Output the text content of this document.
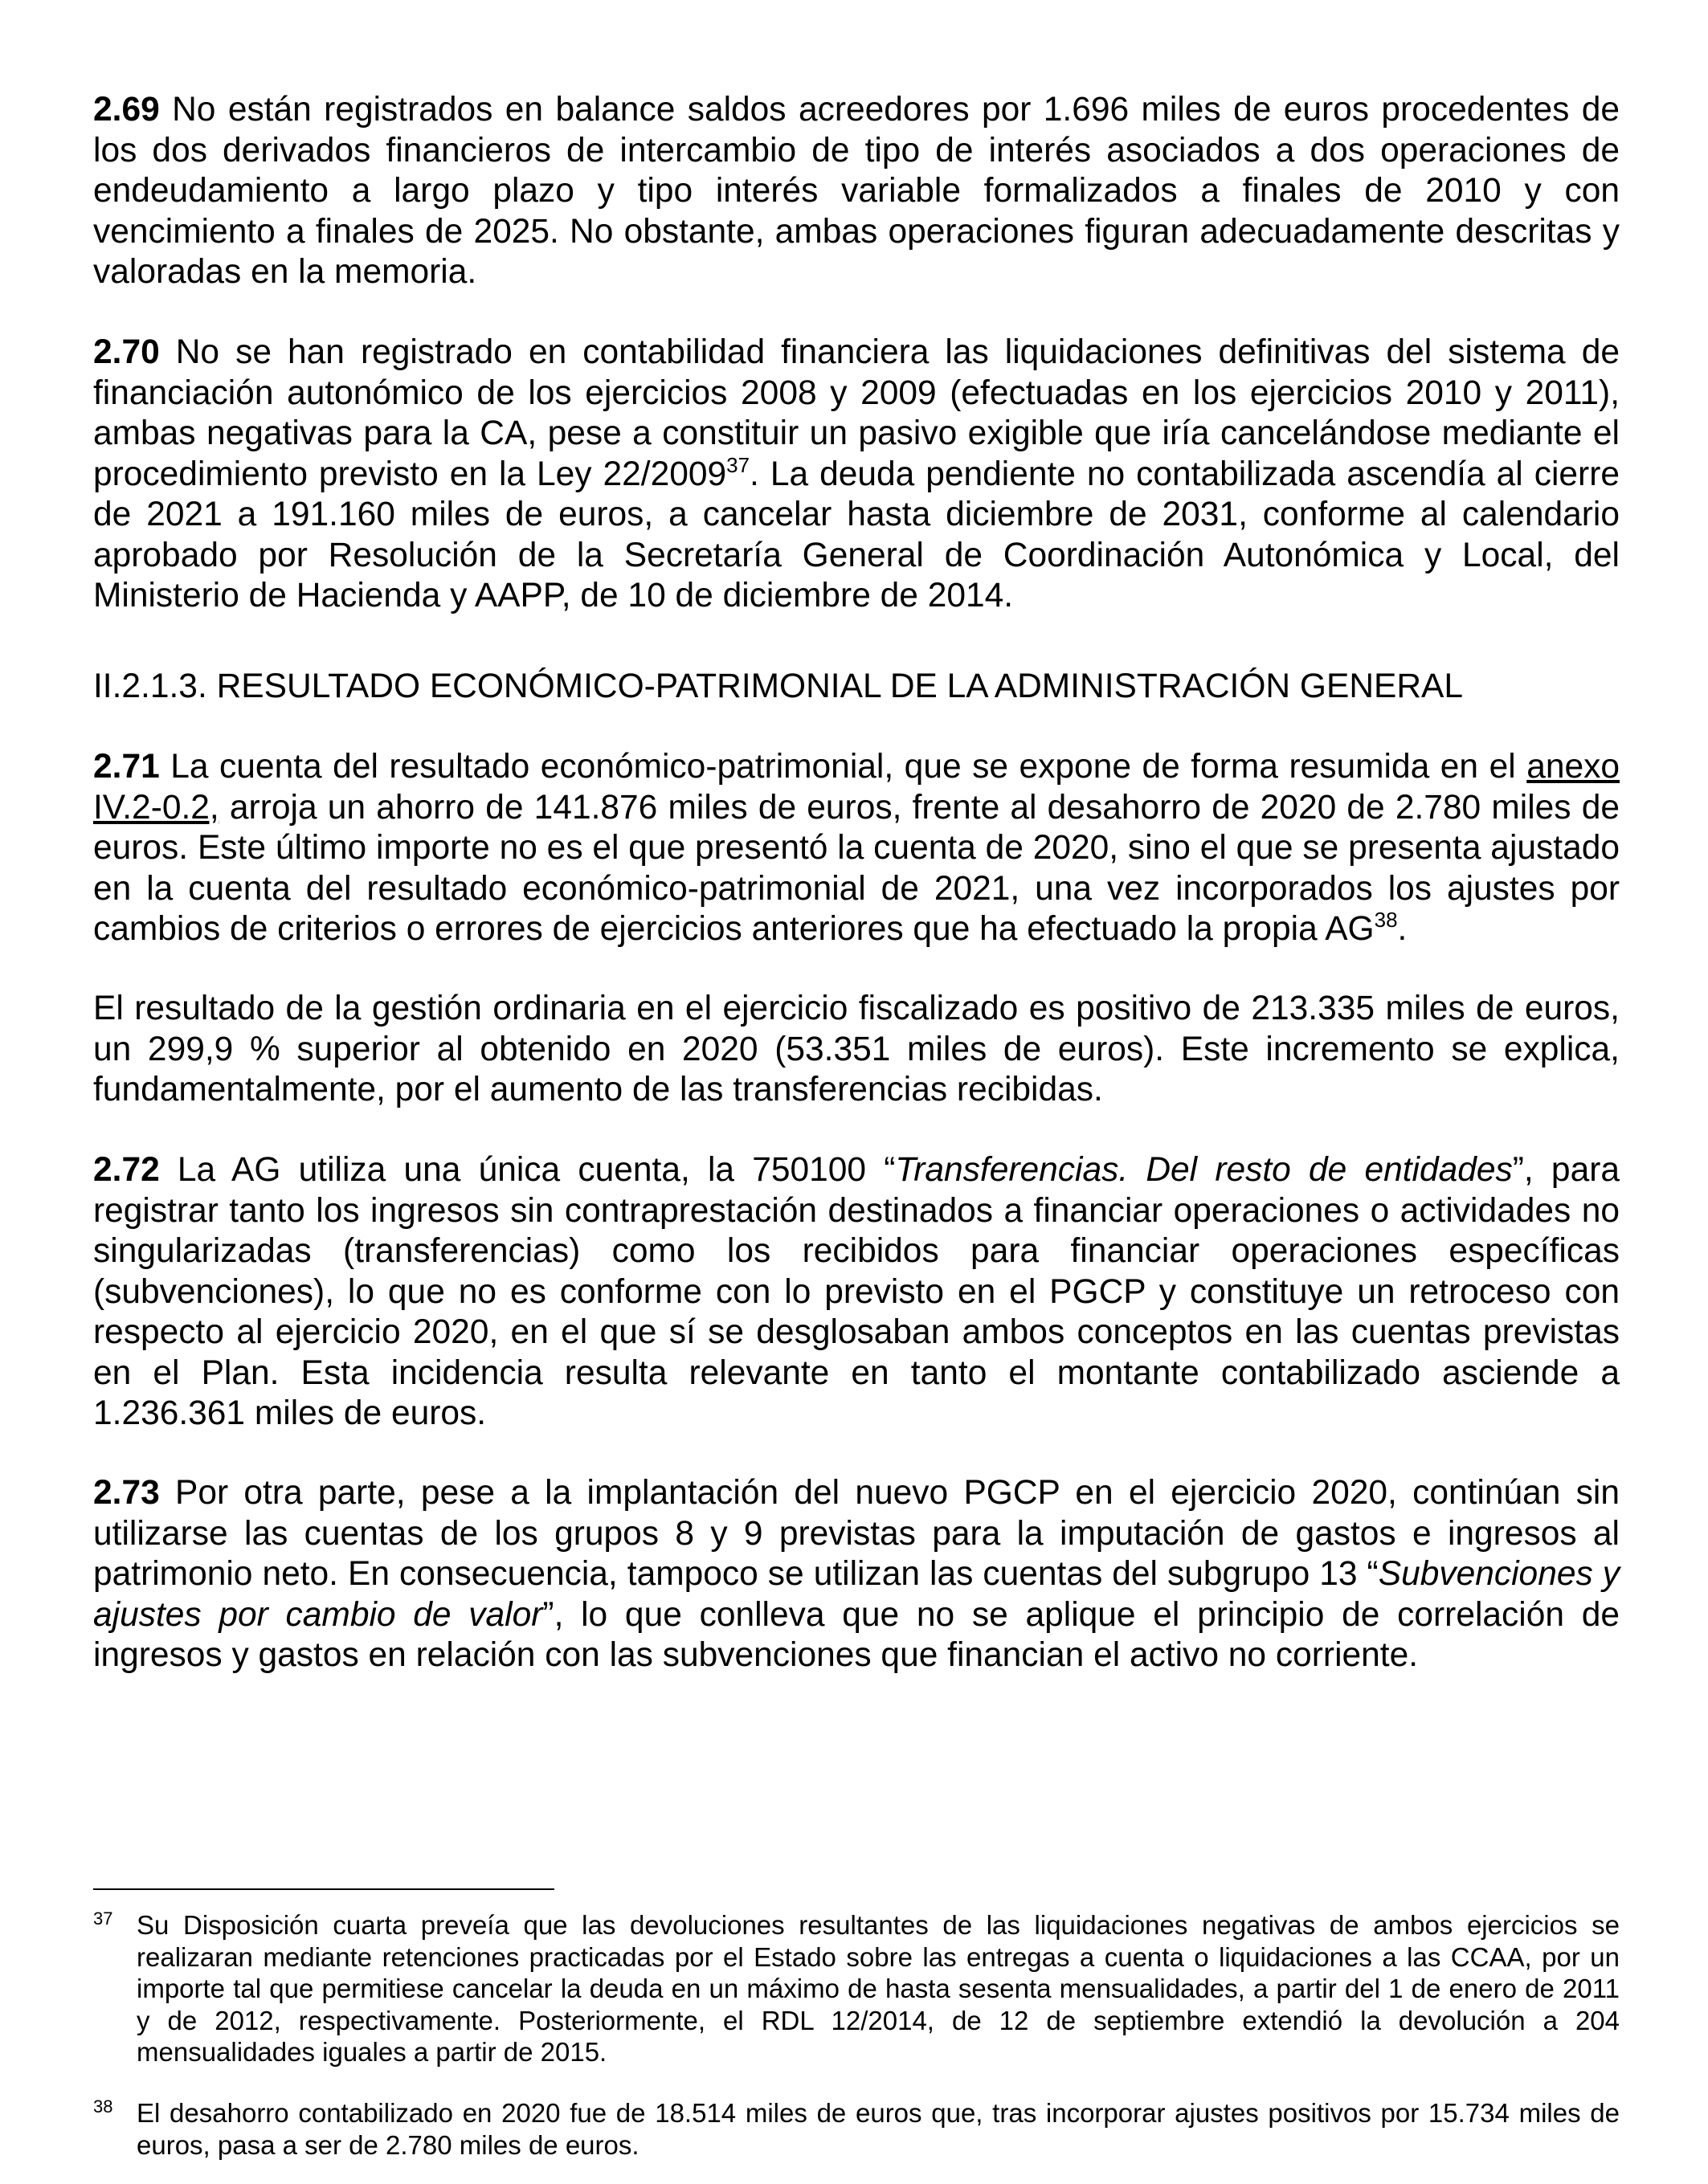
2.69 No están registrados en balance saldos acreedores por 1.696 miles de euros procedentes de los dos derivados financieros de intercambio de tipo de interés asociados a dos operaciones de endeudamiento a largo plazo y tipo interés variable formalizados a finales de 2010 y con vencimiento a finales de 2025. No obstante, ambas operaciones figuran adecuadamente descritas y valoradas en la memoria.

2.70 No se han registrado en contabilidad financiera las liquidaciones definitivas del sistema de financiación autonómico de los ejercicios 2008 y 2009 (efectuadas en los ejercicios 2010 y 2011), ambas negativas para la CA, pese a constituir un pasivo exigible que iría cancelándose mediante el procedimiento previsto en la Ley 22/2009$^{37}$. La deuda pendiente no contabilizada ascendía al cierre de 2021 a 191.160 miles de euros, a cancelar hasta diciembre de 2031, conforme al calendario aprobado por Resolución de la Secretaría General de Coordinación Autonómica y Local, del Ministerio de Hacienda y AAPP, de 10 de diciembre de 2014.

II.2.1.3. RESULTADO ECONÓMICO-PATRIMONIAL DE LA ADMINISTRACIÓN GENERAL

2.71 La cuenta del resultado económico-patrimonial, que se expone de forma resumida en el anexo IV.2-0.2, arroja un ahorro de 141.876 miles de euros, frente al desahorro de 2020 de 2.780 miles de euros. Este último importe no es el que presentó la cuenta de 2020, sino el que se presenta ajustado en la cuenta del resultado económico-patrimonial de 2021, una vez incorporados los ajustes por cambios de criterios o errores de ejercicios anteriores que ha efectuado la propia AG$^{38}$.

El resultado de la gestión ordinaria en el ejercicio fiscalizado es positivo de 213.335 miles de euros, un 299,9 % superior al obtenido en 2020 (53.351 miles de euros). Este incremento se explica, fundamentalmente, por el aumento de las transferencias recibidas.

2.72 La AG utiliza una única cuenta, la 750100 “Transferencias. Del resto de entidades”, para registrar tanto los ingresos sin contraprestación destinados a financiar operaciones o actividades no singularizadas (transferencias) como los recibidos para financiar operaciones específicas (subvenciones), lo que no es conforme con lo previsto en el PGCP y constituye un retroceso con respecto al ejercicio 2020, en el que sí se desglosaban ambos conceptos en las cuentas previstas en el Plan. Esta incidencia resulta relevante en tanto el montante contabilizado asciende a 1.236.361 miles de euros.

2.73 Por otra parte, pese a la implantación del nuevo PGCP en el ejercicio 2020, continúan sin utilizarse las cuentas de los grupos 8 y 9 previstas para la imputación de gastos e ingresos al patrimonio neto. En consecuencia, tampoco se utilizan las cuentas del subgrupo 13 “Subvenciones y ajustes por cambio de valor”, lo que conlleva que no se aplique el principio de correlación de ingresos y gastos en relación con las subvenciones que financian el activo no corriente.

37 Su Disposición cuarta preveía que las devoluciones resultantes de las liquidaciones negativas de ambos ejercicios se realizaran mediante retenciones practicadas por el Estado sobre las entregas a cuenta o liquidaciones a las CCAA, por un importe tal que permitiese cancelar la deuda en un máximo de hasta sesenta mensualidades, a partir del 1 de enero de 2011 y de 2012, respectivamente. Posteriormente, el RDL 12/2014, de 12 de septiembre extendió la devolución a 204 mensualidades iguales a partir de 2015.
38 El desahorro contabilizado en 2020 fue de 18.514 miles de euros que, tras incorporar ajustes positivos por 15.734 miles de euros, pasa a ser de 2.780 miles de euros.
